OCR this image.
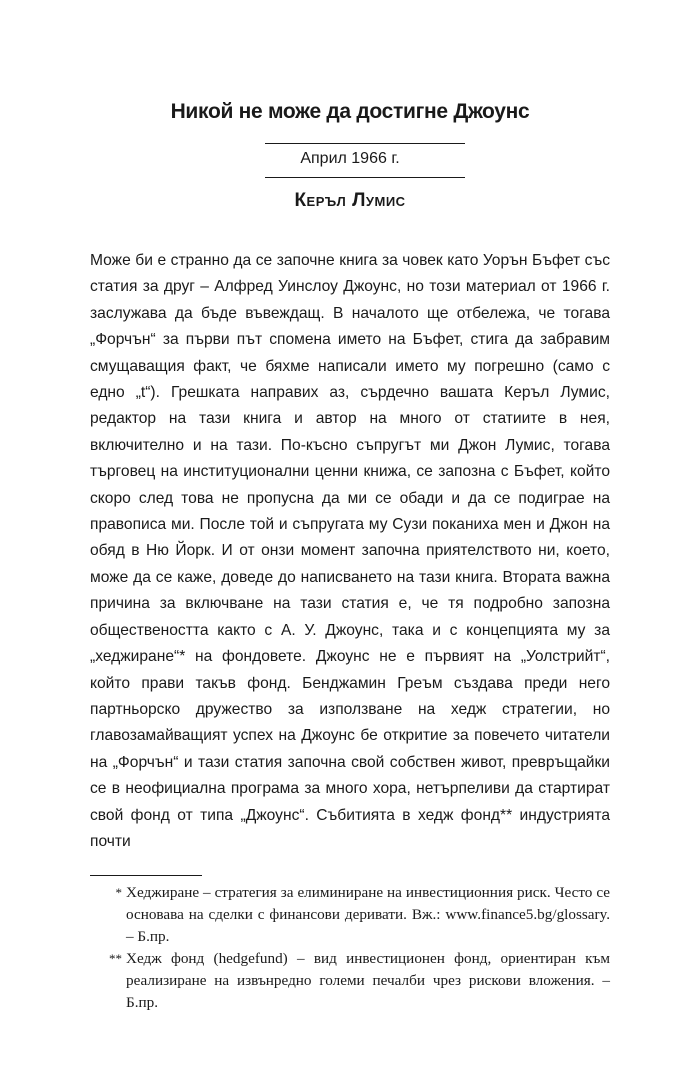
Никой не може да достигне Джоунс
Април 1966 г.
Керъл Лумис

Може би е странно да се започне книга за човек като Уорън Бъфет със статия за друг – Алфред Уинслоу Джоунс, но този материал от 1966 г. заслужава да бъде въвеждащ. В началото ще отбележа, че тогава „Форчън“ за първи път спомена името на Бъфет, стига да забравим смущаващия факт, че бяхме написали името му погрешно (само с едно „t“). Грешката направих аз, сърдечно вашата Керъл Лумис, редактор на тази книга и автор на много от статиите в нея, включително и на тази. По-късно съпругът ми Джон Лумис, тогава търговец на институционални ценни книжа, се запозна с Бъфет, който скоро след това не пропусна да ми се обади и да се подиграе на правописа ми. После той и съпругата му Сузи поканиха мен и Джон на обяд в Ню Йорк. И от онзи момент започна приятелството ни, което, може да се каже, доведе до написването на тази книга. Втората важна причина за включване на тази статия е, че тя подробно запозна обществеността както с А. У. Джоунс, така и с концепцията му за „хеджиране“* на фондовете. Джоунс не е първият на „Уолстрийт“, който прави такъв фонд. Бенджамин Греъм създава преди него партньорско дружество за използване на хедж стратегии, но главозамайващият успех на Джоунс бе откритие за повечето читатели на „Форчън“ и тази статия започна свой собствен живот, превръщайки се в неофициална програма за много хора, нетърпеливи да стартират свой фонд от типа „Джоунс“. Събитията в хедж фонд** индустрията почти

* Хеджиране – стратегия за елиминиране на инвестиционния риск. Често се основава на сделки с финансови деривати. Вж.: www.finance5.bg/glossary. – Б.пр.
** Хедж фонд (hedgefund) – вид инвестиционен фонд, ориентиран към реализиране на извънредно големи печалби чрез рискови вложения. – Б.пр.
